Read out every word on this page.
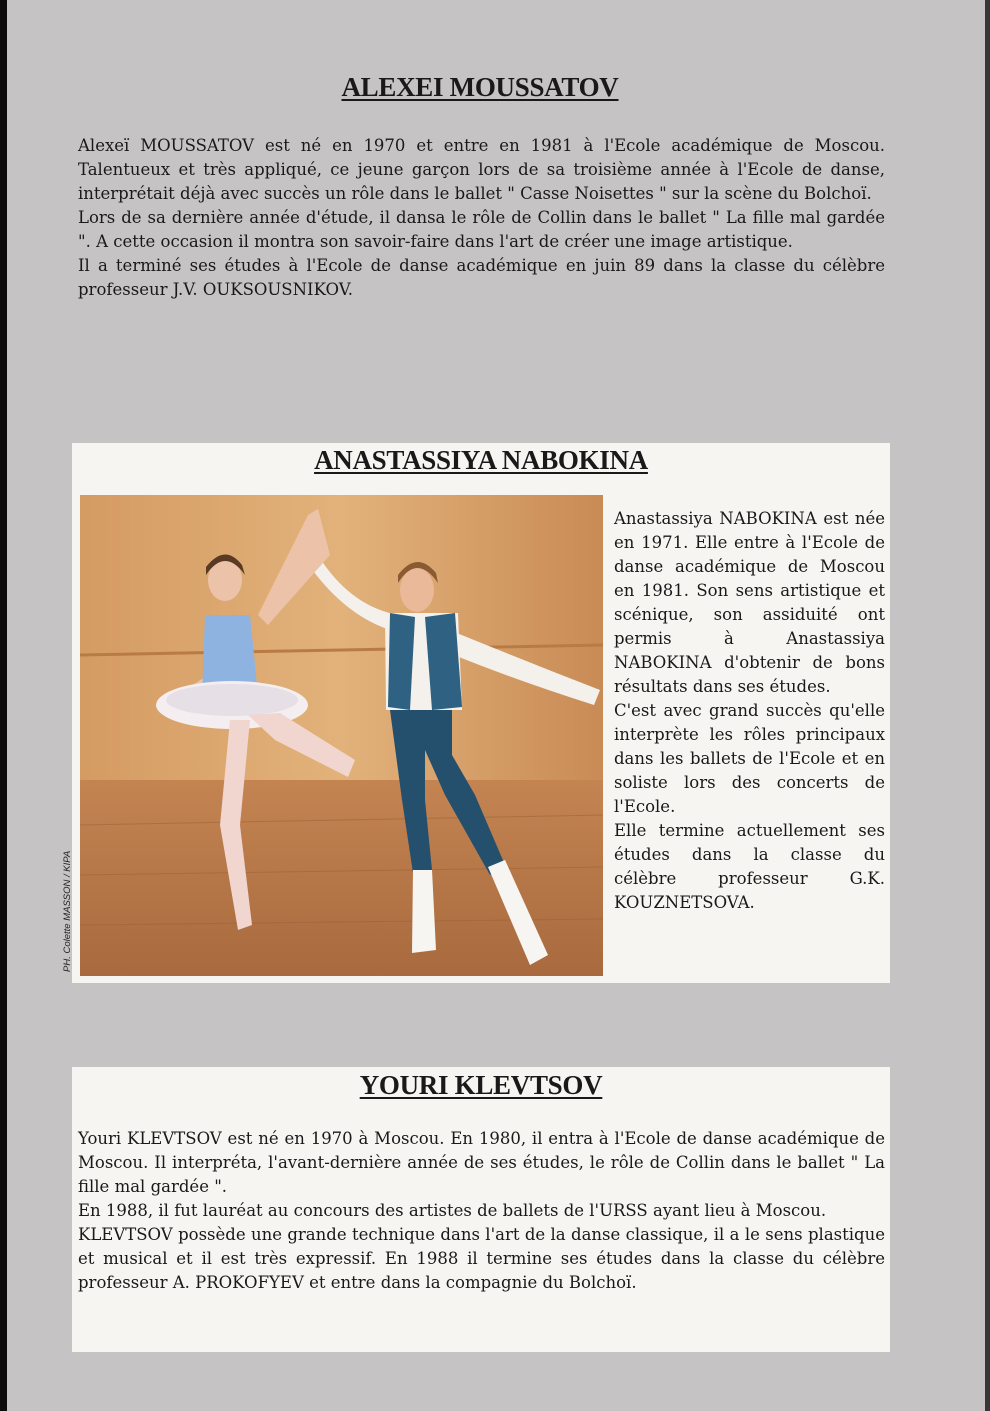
ALEXEI MOUSSATOV

Alexeï MOUSSATOV est né en 1970 et entre en 1981 à l'Ecole académique de Moscou. Talentueux et très appliqué, ce jeune garçon lors de sa troisième année à l'Ecole de danse, interprétait déjà avec succès un rôle dans le ballet " Casse Noisettes " sur la scène du Bolchoï.

Lors de sa dernière année d'étude, il dansa le rôle de Collin dans le ballet " La fille mal gardée ". A cette occasion il montra son savoir-faire dans l'art de créer une image artistique.

Il a terminé ses études à l'Ecole de danse académique en juin 89 dans la classe du célèbre professeur J.V. OUKSOUSNIKOV.

ANASTASSIYA NABOKINA
PH. Colette MASSON / KIPA

Anastassiya NABOKINA est née en 1971. Elle entre à l'Ecole de danse académique de Moscou en 1981. Son sens artistique et scénique, son assiduité ont permis à Anastassiya NABOKINA d'obtenir de bons résultats dans ses études.

C'est avec grand succès qu'elle interprète les rôles principaux dans les ballets de l'Ecole et en soliste lors des concerts de l'Ecole.

Elle termine actuellement ses études dans la classe du célèbre professeur G.K. KOUZNETSOVA.

YOURI KLEVTSOV

Youri KLEVTSOV est né en 1970 à Moscou. En 1980, il entra à l'Ecole de danse académique de Moscou. Il interpréta, l'avant-dernière année de ses études, le rôle de Collin dans le ballet " La fille mal gardée ".

En 1988, il fut lauréat au concours des artistes de ballets de l'URSS ayant lieu à Moscou.

KLEVTSOV possède une grande technique dans l'art de la danse classique, il a le sens plastique et musical et il est très expressif. En 1988 il termine ses études dans la classe du célèbre professeur A. PROKOFYEV et entre dans la compagnie du Bolchoï.
